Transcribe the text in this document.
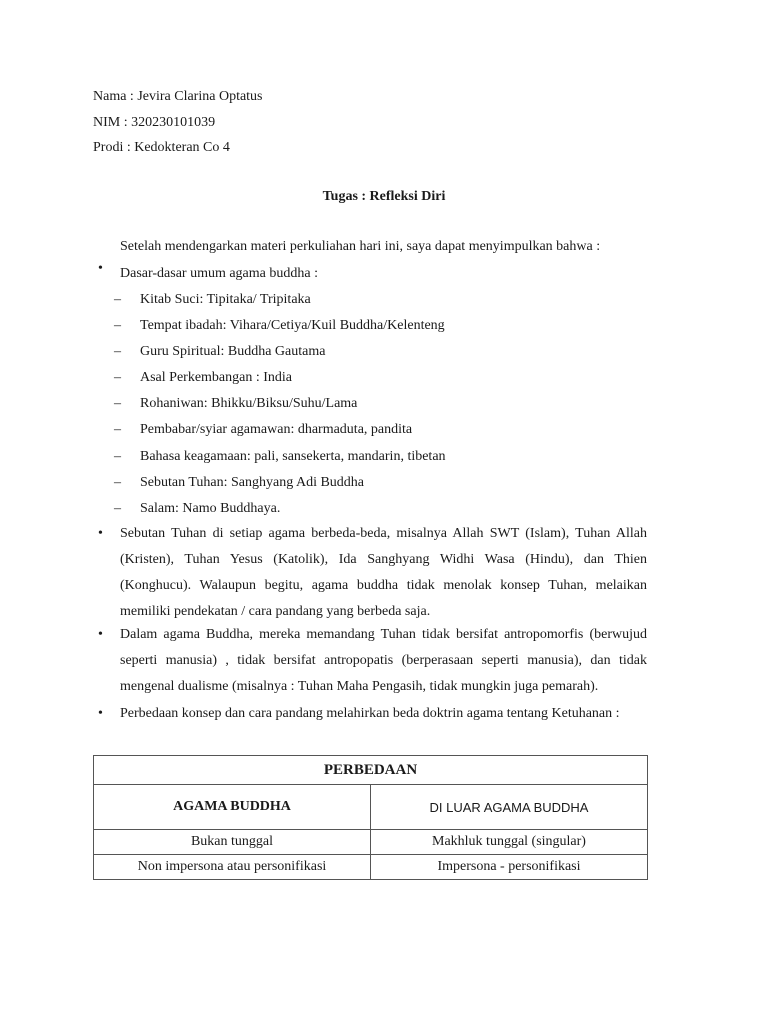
Nama : Jevira Clarina Optatus
NIM : 320230101039
Prodi : Kedokteran Co 4
Tugas : Refleksi Diri
Setelah mendengarkan materi perkuliahan hari ini, saya dapat menyimpulkan bahwa :
• Dasar-dasar umum agama buddha :
– Kitab Suci: Tipitaka/ Tripitaka
– Tempat ibadah: Vihara/Cetiya/Kuil Buddha/Kelenteng
– Guru Spiritual: Buddha Gautama
– Asal Perkembangan : India
– Rohaniwan: Bhikku/Biksu/Suhu/Lama
– Pembabar/syiar agamawan: dharmaduta, pandita
– Bahasa keagamaan: pali, sansekerta, mandarin, tibetan
– Sebutan Tuhan: Sanghyang Adi Buddha
– Salam: Namo Buddhaya.
• Sebutan Tuhan di setiap agama berbeda-beda, misalnya Allah SWT (Islam), Tuhan Allah (Kristen), Tuhan Yesus (Katolik), Ida Sanghyang Widhi Wasa (Hindu), dan Thien (Konghucu). Walaupun begitu, agama buddha tidak menolak konsep Tuhan, melaikan memiliki pendekatan / cara pandang yang berbeda saja.
• Dalam agama Buddha, mereka memandang Tuhan tidak bersifat antropomorfis (berwujud seperti manusia) , tidak bersifat antropopatis (berperasaan seperti manusia), dan tidak mengenal dualisme (misalnya : Tuhan Maha Pengasih, tidak mungkin juga pemarah).
• Perbedaan konsep dan cara pandang melahirkan beda doktrin agama tentang Ketuhanan :
PERBEDAAN	
AGAMA BUDDHA	DI LUAR AGAMA BUDDHA
Bukan tunggal	Makhluk tunggal (singular)
Non impersona atau personifikasi	Impersona - personifikasi
